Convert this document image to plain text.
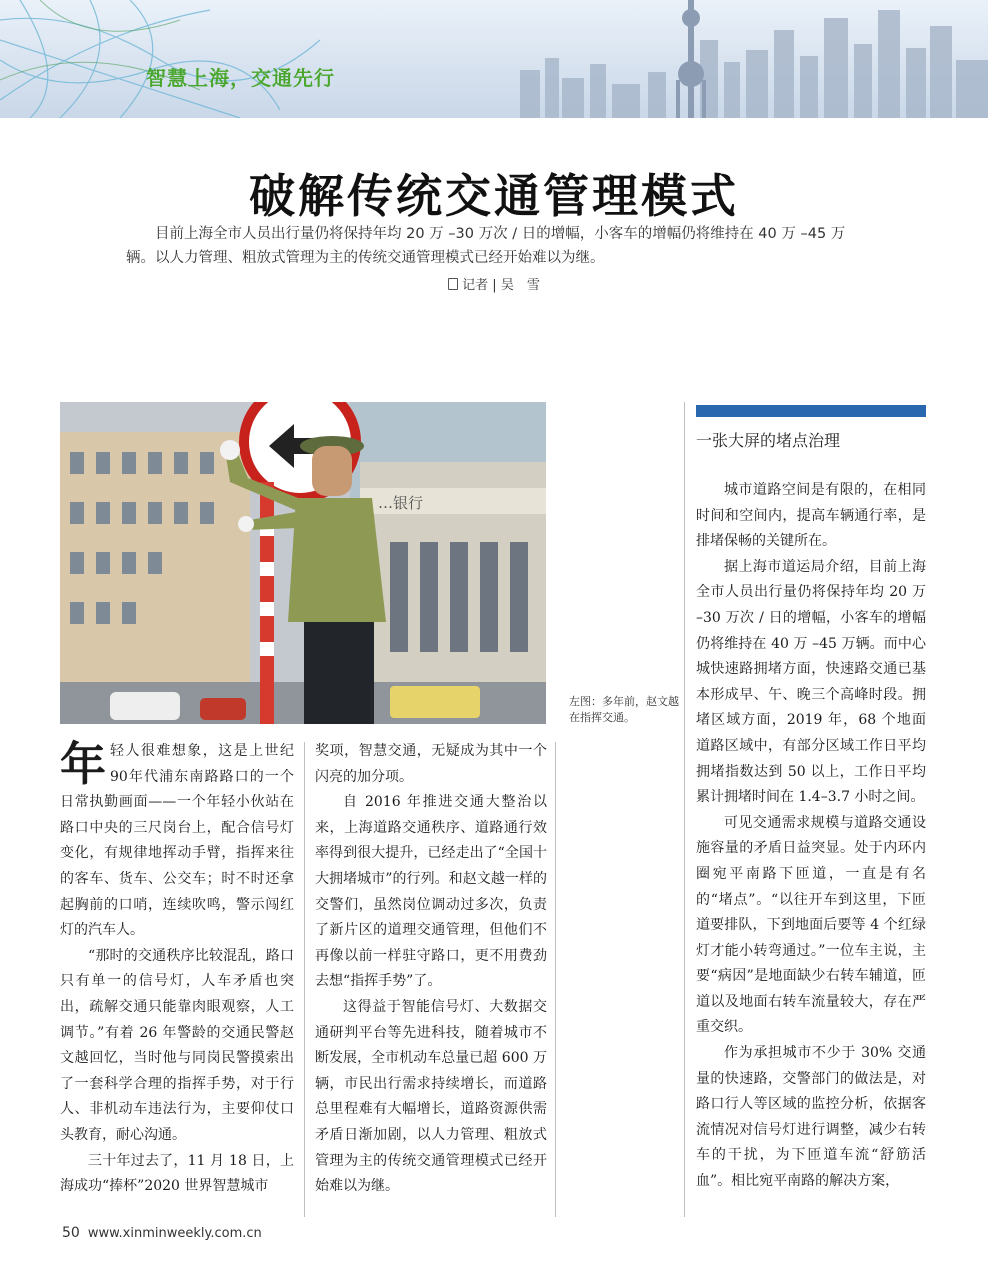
智慧上海，交通先行
破解传统交通管理模式

目前上海全市人员出行量仍将保持年均 20 万 –30 万次 / 日的增幅，小客车的增幅仍将维持在 40 万 –45 万辆。以人力管理、粗放式管理为主的传统交通管理模式已经开始难以为继。

记者 | 吴　雪
…银行
左图：多年前，赵文越在指挥交通。

年轻人很难想象，这是上世纪90年代浦东南路路口的一个日常执勤画面——一个年轻小伙站在路口中央的三尺岗台上，配合信号灯变化，有规律地挥动手臂，指挥来往的客车、货车、公交车；时不时还拿起胸前的口哨，连续吹鸣，警示闯红灯的汽车人。

“那时的交通秩序比较混乱，路口只有单一的信号灯，人车矛盾也突出，疏解交通只能靠肉眼观察，人工调节。”有着 26 年警龄的交通民警赵文越回忆，当时他与同岗民警摸索出了一套科学合理的指挥手势，对于行人、非机动车违法行为，主要仰仗口头教育，耐心沟通。

三十年过去了，11 月 18 日，上海成功“捧杯”2020 世界智慧城市

奖项，智慧交通，无疑成为其中一个闪亮的加分项。

自 2016 年推进交通大整治以来，上海道路交通秩序、道路通行效率得到很大提升，已经走出了“全国十大拥堵城市”的行列。和赵文越一样的交警们，虽然岗位调动过多次，负责了新片区的道理交通管理，但他们不再像以前一样驻守路口，更不用费劲去想“指挥手势”了。

这得益于智能信号灯、大数据交通研判平台等先进科技，随着城市不断发展，全市机动车总量已超 600 万辆，市民出行需求持续增长，而道路总里程难有大幅增长，道路资源供需矛盾日渐加剧，以人力管理、粗放式管理为主的传统交通管理模式已经开始难以为继。

一张大屏的堵点治理

城市道路空间是有限的，在相同时间和空间内，提高车辆通行率，是排堵保畅的关键所在。

据上海市道运局介绍，目前上海全市人员出行量仍将保持年均 20 万 –30 万次 / 日的增幅，小客车的增幅仍将维持在 40 万 –45 万辆。而中心城快速路拥堵方面，快速路交通已基本形成早、午、晚三个高峰时段。拥堵区域方面，2019 年，68 个地面道路区域中，有部分区域工作日平均拥堵指数达到 50 以上，工作日平均累计拥堵时间在 1.4–3.7 小时之间。

可见交通需求规模与道路交通设施容量的矛盾日益突显。处于内环内圈宛平南路下匝道，一直是有名的“堵点”。“以往开车到这里，下匝道要排队，下到地面后要等 4 个红绿灯才能小转弯通过。”一位车主说，主要“病因”是地面缺少右转车辅道，匝道以及地面右转车流量较大，存在严重交织。

作为承担城市不少于 30% 交通量的快速路，交警部门的做法是，对路口行人等区域的监控分析，依据客流情况对信号灯进行调整，减少右转车的干扰，为下匝道车流“舒筋活血”。相比宛平南路的解决方案，

50 www.xinminweekly.com.cn
